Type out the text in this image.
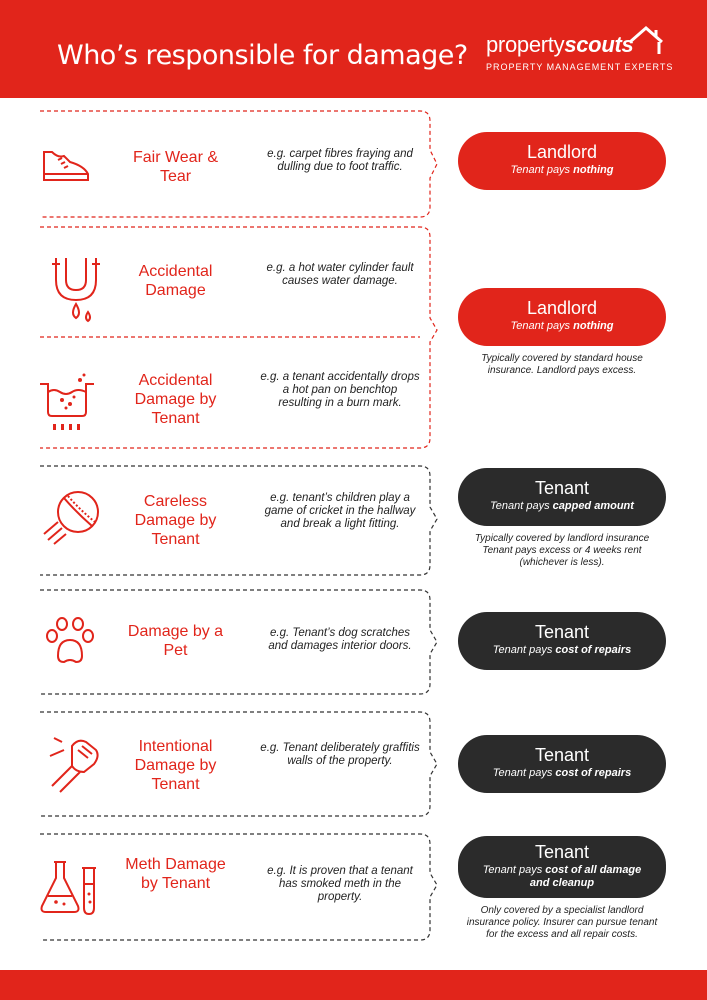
Who’s responsible for damage? propertyscouts
PROPERTY MANAGEMENT EXPERTS
Fair Wear & Tear
e.g. carpet fibres fraying and dulling due to foot traffic.
Accidental Damage
e.g. a hot water cylinder fault causes water damage.
Accidental Damage by Tenant
e.g. a tenant accidentally drops a hot pan on benchtop resulting in a burn mark.
Careless Damage by Tenant
e.g. tenant’s children play a game of cricket in the hallway and break a light fitting.
Damage by a Pet
e.g. Tenant’s dog scratches and damages interior doors.
Intentional Damage by Tenant
e.g. Tenant deliberately graffitis walls of the property.
Meth Damage by Tenant
e.g. It is proven that a tenant has smoked meth in the property.
Landlord
Tenant pays nothing
Landlord
Tenant pays nothing
Typically covered by standard house insurance. Landlord pays excess.
Tenant
Tenant pays capped amount
Typically covered by landlord insurance Tenant pays excess or 4 weeks rent (whichever is less).
Tenant
Tenant pays cost of repairs
Tenant
Tenant pays cost of repairs
Tenant
Tenant pays cost of all damage and cleanup
Only covered by a specialist landlord insurance policy. Insurer can pursue tenant for the excess and all repair costs.
